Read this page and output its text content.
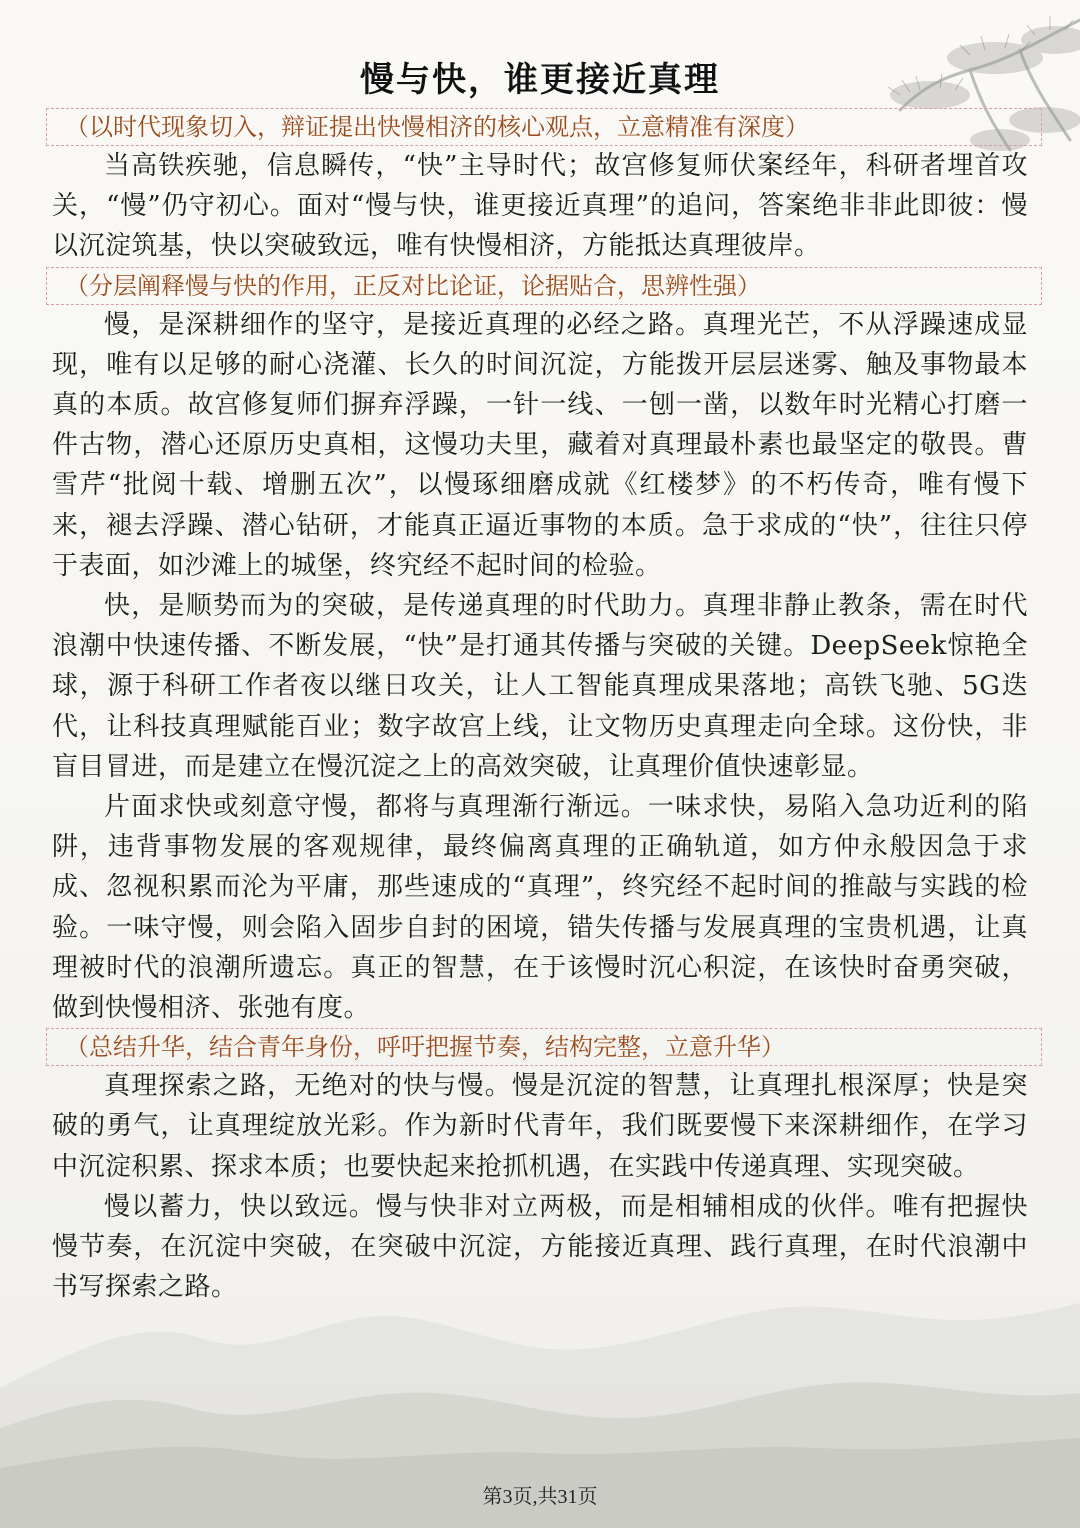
慢与快，谁更接近真理
（以时代现象切入，辩证提出快慢相济的核心观点，立意精准有深度）

当高铁疾驰，信息瞬传，“快”主导时代；故宫修复师伏案经年，科研者埋首攻关，“慢”仍守初心。面对“慢与快，谁更接近真理”的追问，答案绝非非此即彼：慢以沉淀筑基，快以突破致远，唯有快慢相济，方能抵达真理彼岸。

（分层阐释慢与快的作用，正反对比论证，论据贴合，思辨性强）

慢，是深耕细作的坚守，是接近真理的必经之路。真理光芒，不从浮躁速成显现，唯有以足够的耐心浇灌、长久的时间沉淀，方能拨开层层迷雾、触及事物最本真的本质。故宫修复师们摒弃浮躁，一针一线、一刨一凿，以数年时光精心打磨一件古物，潜心还原历史真相，这慢功夫里，藏着对真理最朴素也最坚定的敬畏。曹雪芹“批阅十载、增删五次”，以慢琢细磨成就《红楼梦》的不朽传奇，唯有慢下来，褪去浮躁、潜心钻研，才能真正逼近事物的本质。急于求成的“快”，往往只停于表面，如沙滩上的城堡，终究经不起时间的检验。

快，是顺势而为的突破，是传递真理的时代助力。真理非静止教条，需在时代浪潮中快速传播、不断发展，“快”是打通其传播与突破的关键。DeepSeek惊艳全球，源于科研工作者夜以继日攻关，让人工智能真理成果落地；高铁飞驰、5G迭代，让科技真理赋能百业；数字故宫上线，让文物历史真理走向全球。这份快，非盲目冒进，而是建立在慢沉淀之上的高效突破，让真理价值快速彰显。

片面求快或刻意守慢，都将与真理渐行渐远。一味求快，易陷入急功近利的陷阱，违背事物发展的客观规律，最终偏离真理的正确轨道，如方仲永般因急于求成、忽视积累而沦为平庸，那些速成的“真理”，终究经不起时间的推敲与实践的检验。一味守慢，则会陷入固步自封的困境，错失传播与发展真理的宝贵机遇，让真理被时代的浪潮所遗忘。真正的智慧，在于该慢时沉心积淀，在该快时奋勇突破，做到快慢相济、张弛有度。

（总结升华，结合青年身份，呼吁把握节奏，结构完整，立意升华）

真理探索之路，无绝对的快与慢。慢是沉淀的智慧，让真理扎根深厚；快是突破的勇气，让真理绽放光彩。作为新时代青年，我们既要慢下来深耕细作，在学习中沉淀积累、探求本质；也要快起来抢抓机遇，在实践中传递真理、实现突破。

慢以蓄力，快以致远。慢与快非对立两极，而是相辅相成的伙伴。唯有把握快慢节奏，在沉淀中突破，在突破中沉淀，方能接近真理、践行真理，在时代浪潮中书写探索之路。

第3页,共31页
